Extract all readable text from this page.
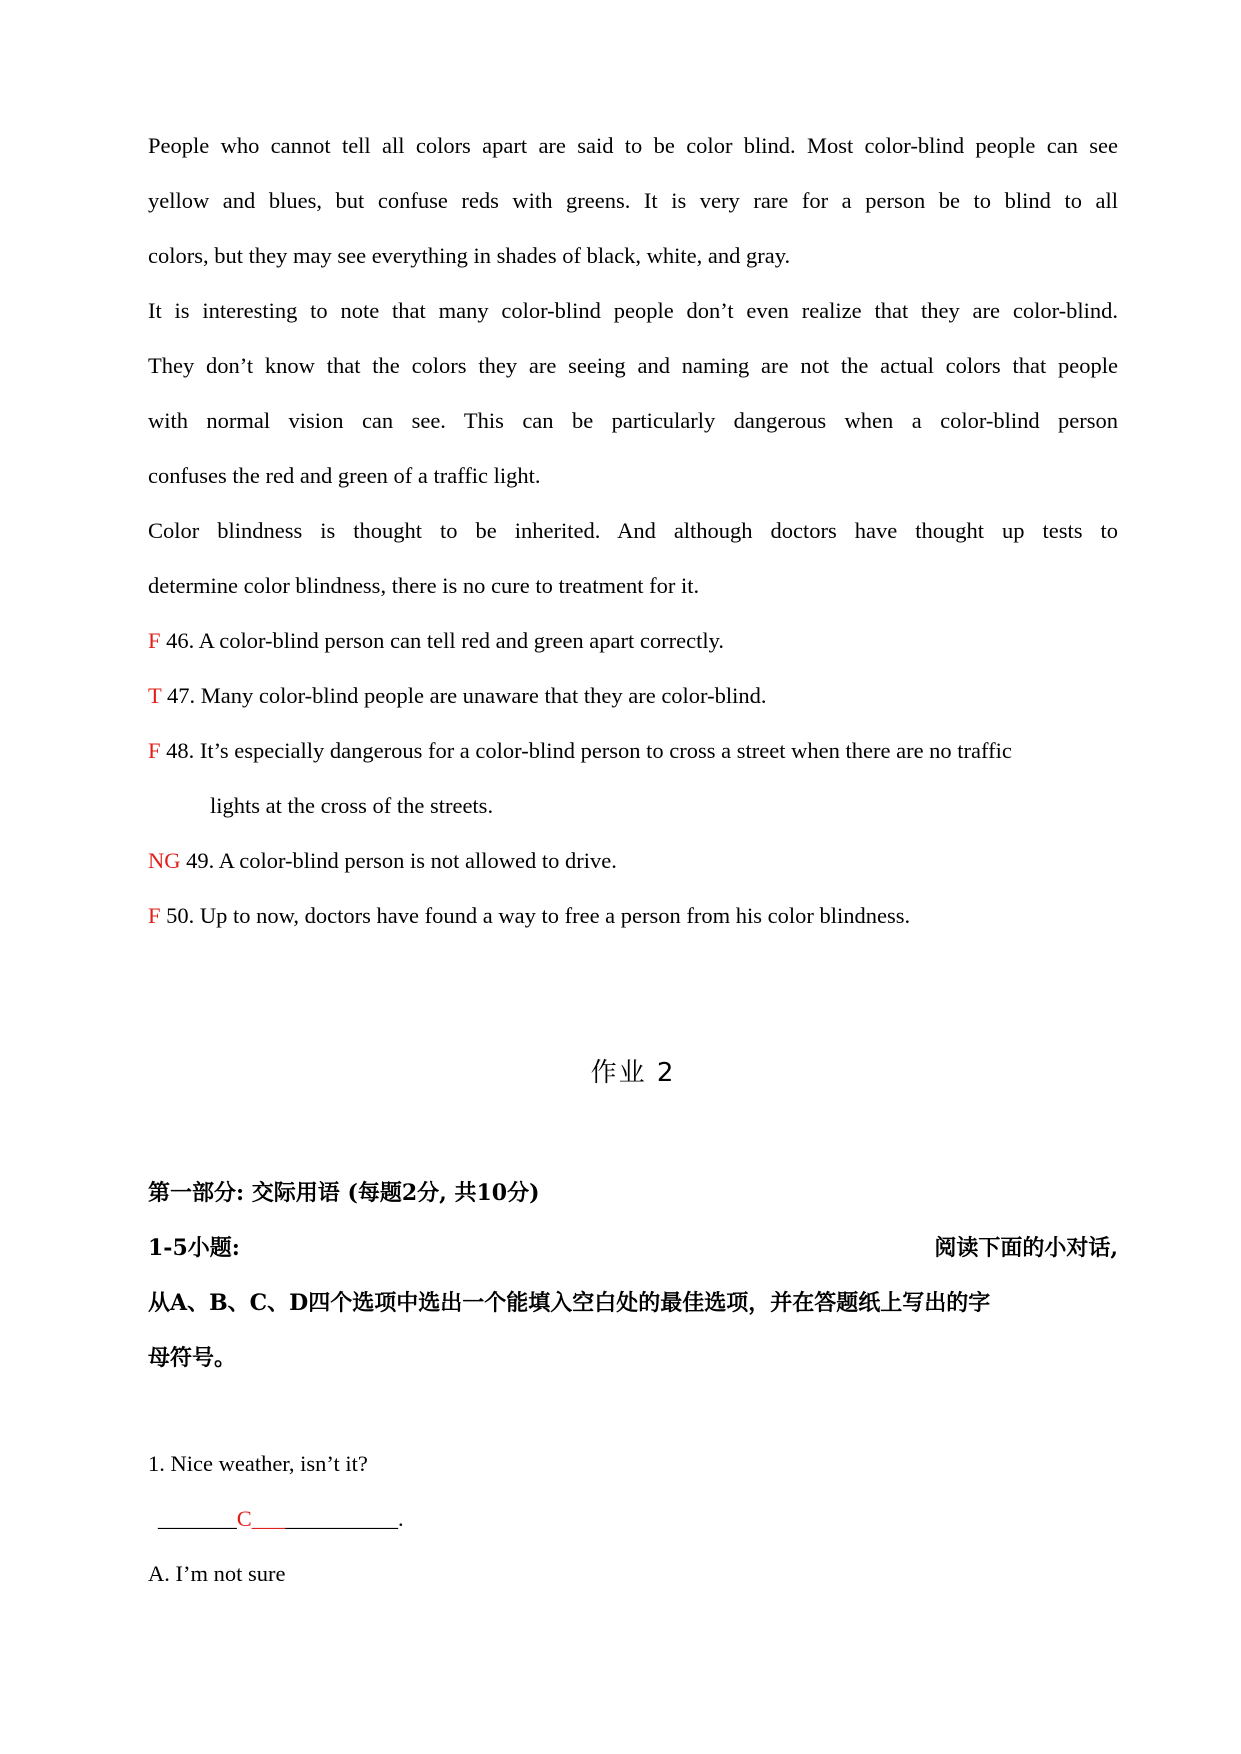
People who cannot tell all colors apart are said to be color blind. Most color-blind people can see
yellow and blues, but confuse reds with greens. It is very rare for a person be to blind to all
colors, but they may see everything in shades of black, white, and gray.
It is interesting to note that many color-blind people don’t even realize that they are color-blind.
They don’t know that the colors they are seeing and naming are not the actual colors that people
with normal vision can see. This can be particularly dangerous when a color-blind person
confuses the red and green of a traffic light.
Color blindness is thought to be inherited. And although doctors have thought up tests to
determine color blindness, there is no cure to treatment for it.
F 46. A color-blind person can tell red and green apart correctly.
T 47. Many color-blind people are unaware that they are color-blind.
F 48. It’s especially dangerous for a color-blind person to cross a street when there are no traffic
lights at the cross of the streets.
NG 49. A color-blind person is not allowed to drive.
F 50. Up to now, doctors have found a way to free a person from his color blindness.
作业 2
第一部分: 交际用语 (每题2分, 共10分)
1-5小题:	阅读下面的小对话,
从A、B、C、D四个选项中选出一个能填入空白处的最佳选项，并在答题纸上写出的字
母符号。
1. Nice weather, isn’t it?
_______C_____________.
A. I’m not sure
